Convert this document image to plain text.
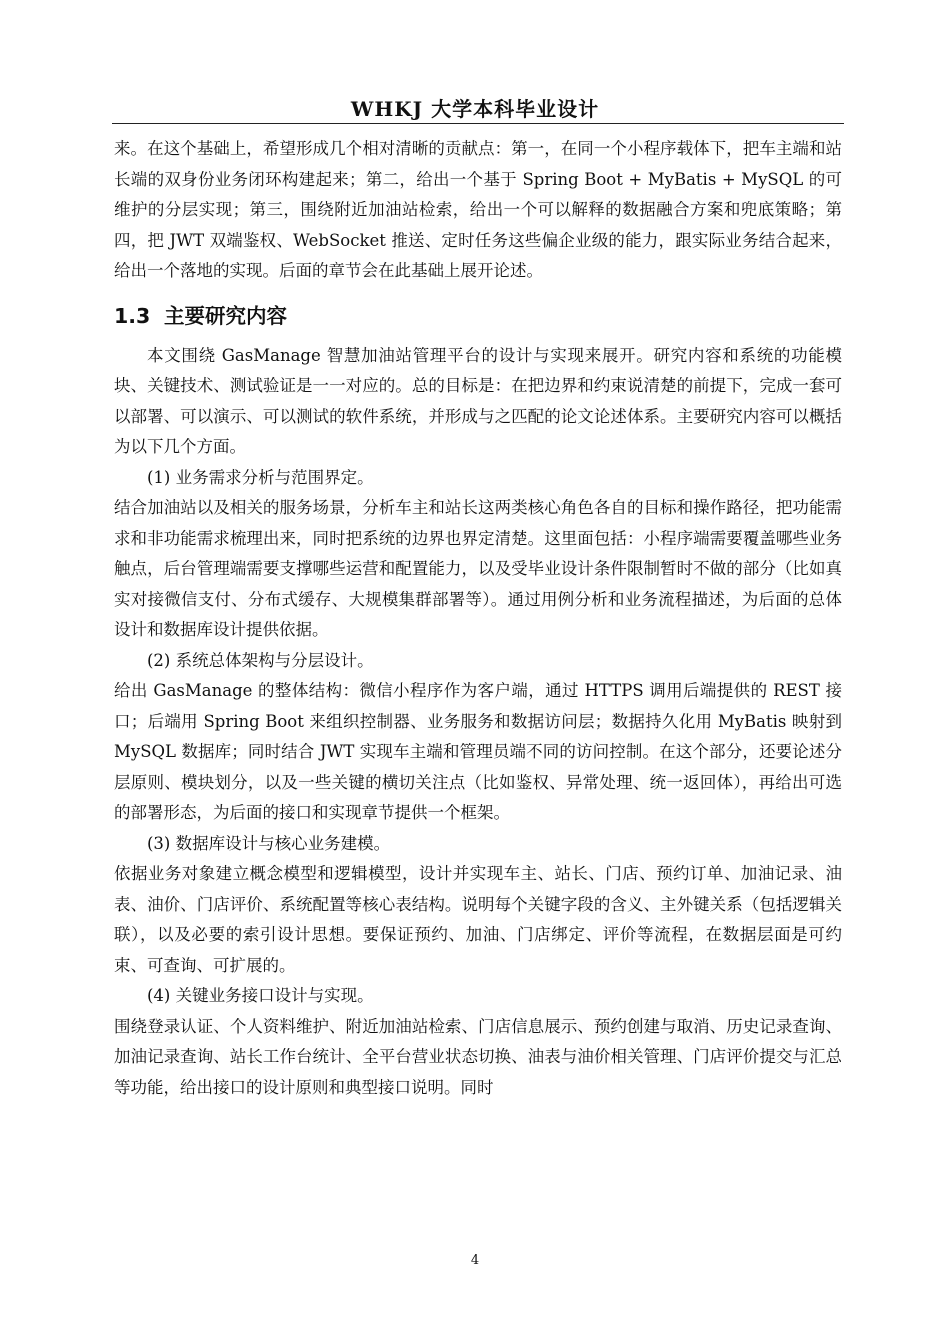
WHKJ 大学本科毕业设计

来。在这个基础上，希望形成几个相对清晰的贡献点：第一，在同一个小程序载体下，把车主端和站长端的双身份业务闭环构建起来；第二，给出一个基于 Spring Boot + MyBatis + MySQL 的可维护的分层实现；第三，围绕附近加油站检索，给出一个可以解释的数据融合方案和兜底策略；第四，把 JWT 双端鉴权、WebSocket 推送、定时任务这些偏企业级的能力，跟实际业务结合起来，给出一个落地的实现。后面的章节会在此基础上展开论述。

1.3 主要研究内容

本文围绕 GasManage 智慧加油站管理平台的设计与实现来展开。研究内容和系统的功能模块、关键技术、测试验证是一一对应的。总的目标是：在把边界和约束说清楚的前提下，完成一套可以部署、可以演示、可以测试的软件系统，并形成与之匹配的论文论述体系。主要研究内容可以概括为以下几个方面。

(1) 业务需求分析与范围界定。

结合加油站以及相关的服务场景，分析车主和站长这两类核心角色各自的目标和操作路径，把功能需求和非功能需求梳理出来，同时把系统的边界也界定清楚。这里面包括：小程序端需要覆盖哪些业务触点，后台管理端需要支撑哪些运营和配置能力，以及受毕业设计条件限制暂时不做的部分（比如真实对接微信支付、分布式缓存、大规模集群部署等）。通过用例分析和业务流程描述，为后面的总体设计和数据库设计提供依据。

(2) 系统总体架构与分层设计。

给出 GasManage 的整体结构：微信小程序作为客户端，通过 HTTPS 调用后端提供的 REST 接口；后端用 Spring Boot 来组织控制器、业务服务和数据访问层；数据持久化用 MyBatis 映射到 MySQL 数据库；同时结合 JWT 实现车主端和管理员端不同的访问控制。在这个部分，还要论述分层原则、模块划分，以及一些关键的横切关注点（比如鉴权、异常处理、统一返回体），再给出可选的部署形态，为后面的接口和实现章节提供一个框架。

(3) 数据库设计与核心业务建模。

依据业务对象建立概念模型和逻辑模型，设计并实现车主、站长、门店、预约订单、加油记录、油表、油价、门店评价、系统配置等核心表结构。说明每个关键字段的含义、主外键关系（包括逻辑关联），以及必要的索引设计思想。要保证预约、加油、门店绑定、评价等流程，在数据层面是可约束、可查询、可扩展的。

(4) 关键业务接口设计与实现。

围绕登录认证、个人资料维护、附近加油站检索、门店信息展示、预约创建与取消、历史记录查询、加油记录查询、站长工作台统计、全平台营业状态切换、油表与油价相关管理、门店评价提交与汇总等功能，给出接口的设计原则和典型接口说明。同时

4
